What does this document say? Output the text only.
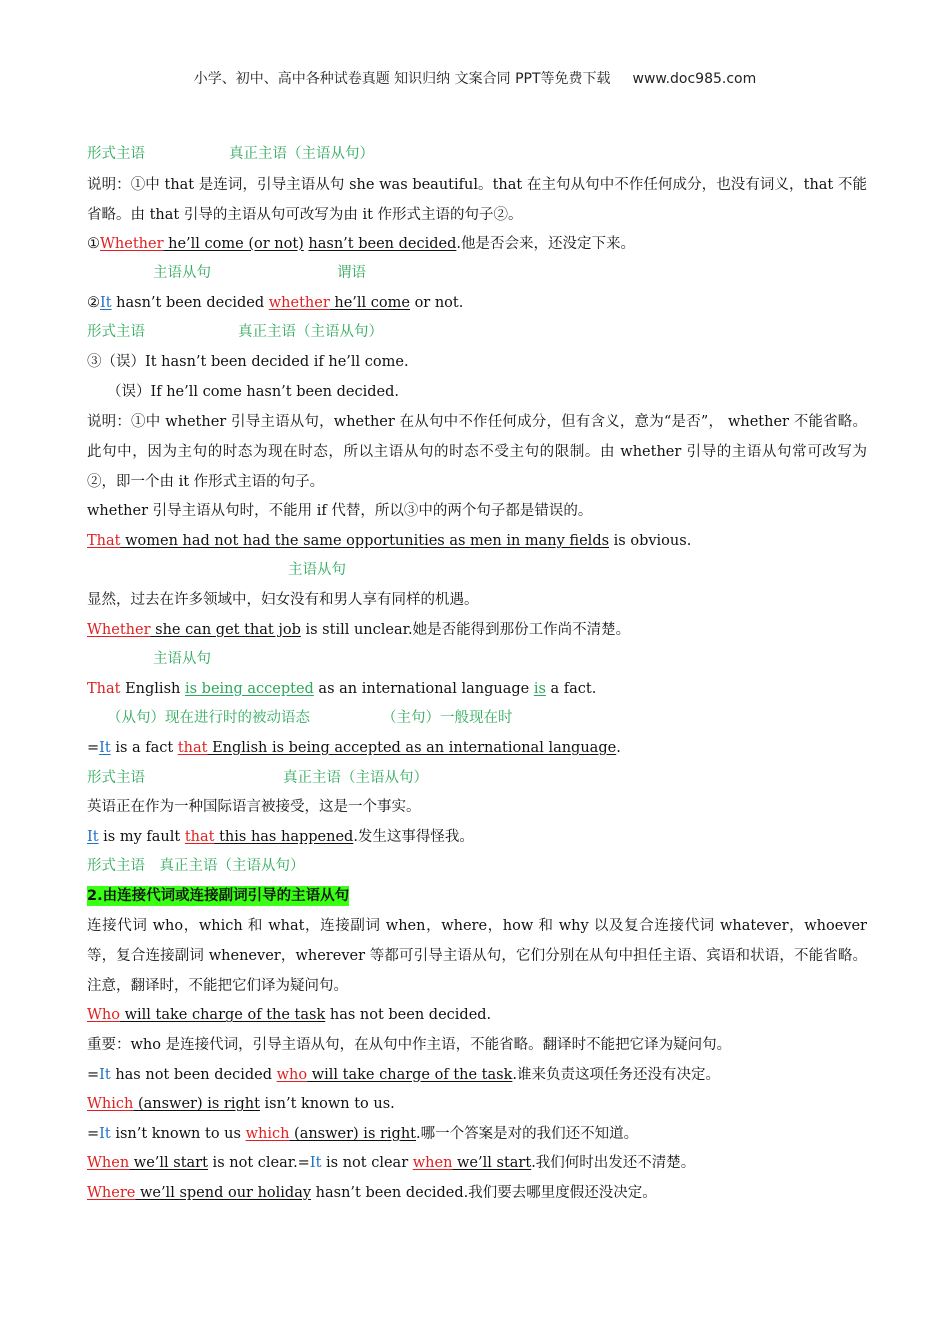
小学、初中、高中各种试卷真题 知识归纳 文案合同 PPT等免费下载 www.doc985.com
形式主语	真正主语（主语从句）
说明：①中 that 是连词，引导主语从句 she was beautiful。that 在主句从句中不作任何成分，也没有词义，that 不能省略。由 that 引导的主语从句可改写为由 it 作形式主语的句子②。
①Whether he’ll come (or not) hasn’t been decided.他是否会来，还没定下来。
主语从句	谓语
②It hasn’t been decided whether he’ll come or not.
形式主语	真正主语（主语从句）
③（误）It hasn’t been decided if he’ll come.
（误）If he’ll come hasn’t been decided.
说明：①中 whether 引导主语从句，whether 在从句中不作任何成分，但有含义，意为“是否”， whether 不能省略。此句中，因为主句的时态为现在时态，所以主语从句的时态不受主句的限制。由 whether 引导的主语从句常可改写为②，即一个由 it 作形式主语的句子。
whether 引导主语从句时，不能用 if 代替，所以③中的两个句子都是错误的。
That women had not had the same opportunities as men in many fields is obvious.
主语从句
显然，过去在许多领域中，妇女没有和男人享有同样的机遇。
Whether she can get that job is still unclear.她是否能得到那份工作尚不清楚。
主语从句
That English is being accepted as an international language is a fact.
（从句）现在进行时的被动语态	（主句）一般现在时
=It is a fact that English is being accepted as an international language.
形式主语	真正主语（主语从句）
英语正在作为一种国际语言被接受，这是一个事实。
It is my fault that this has happened.发生这事得怪我。
形式主语　真正主语（主语从句）
2.由连接代词或连接副词引导的主语从句
连接代词 who，which 和 what，连接副词 when，where，how 和 why 以及复合连接代词 whatever，whoever 等，复合连接副词 whenever，wherever 等都可引导主语从句，它们分别在从句中担任主语、宾语和状语，不能省略。注意，翻译时，不能把它们译为疑问句。
Who will take charge of the task has not been decided.
重要：who 是连接代词，引导主语从句，在从句中作主语，不能省略。翻译时不能把它译为疑问句。
=It has not been decided who will take charge of the task.谁来负责这项任务还没有决定。
Which (answer) is right isn’t known to us.
=It isn’t known to us which (answer) is right.哪一个答案是对的我们还不知道。
When we’ll start is not clear.=It is not clear when we’ll start.我们何时出发还不清楚。
Where we’ll spend our holiday hasn’t been decided.我们要去哪里度假还没决定。
